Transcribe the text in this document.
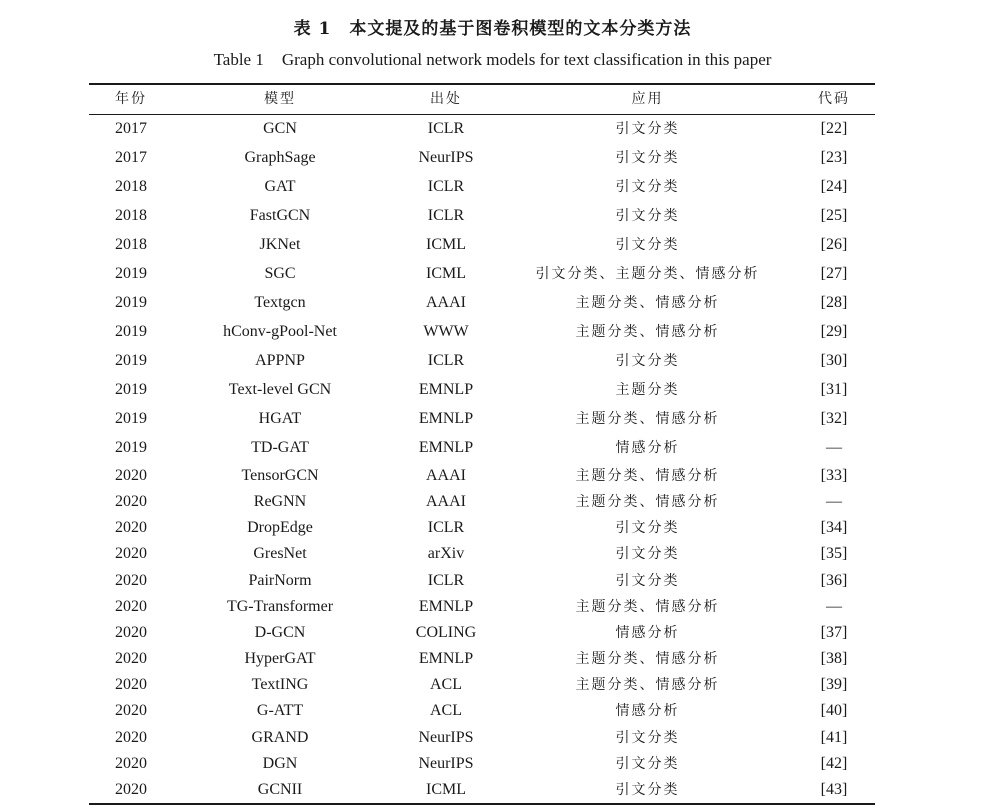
表 1　本文提及的基于图卷积模型的文本分类方法
Table 1 Graph convolutional network models for text classification in this paper
年份	模型	出处	应用	代码
2017	GCN	ICLR	引文分类	[22]
2017	GraphSage	NeurIPS	引文分类	[23]
2018	GAT	ICLR	引文分类	[24]
2018	FastGCN	ICLR	引文分类	[25]
2018	JKNet	ICML	引文分类	[26]
2019	SGC	ICML	引文分类、主题分类、情感分析	[27]
2019	Textgcn	AAAI	主题分类、情感分析	[28]
2019	hConv-gPool-Net	WWW	主题分类、情感分析	[29]
2019	APPNP	ICLR	引文分类	[30]
2019	Text-level GCN	EMNLP	主题分类	[31]
2019	HGAT	EMNLP	主题分类、情感分析	[32]
2019	TD-GAT	EMNLP	情感分析	—
2020	TensorGCN	AAAI	主题分类、情感分析	[33]
2020	ReGNN	AAAI	主题分类、情感分析	—
2020	DropEdge	ICLR	引文分类	[34]
2020	GresNet	arXiv	引文分类	[35]
2020	PairNorm	ICLR	引文分类	[36]
2020	TG-Transformer	EMNLP	主题分类、情感分析	—
2020	D-GCN	COLING	情感分析	[37]
2020	HyperGAT	EMNLP	主题分类、情感分析	[38]
2020	TextING	ACL	主题分类、情感分析	[39]
2020	G-ATT	ACL	情感分析	[40]
2020	GRAND	NeurIPS	引文分类	[41]
2020	DGN	NeurIPS	引文分类	[42]
2020	GCNII	ICML	引文分类	[43]
